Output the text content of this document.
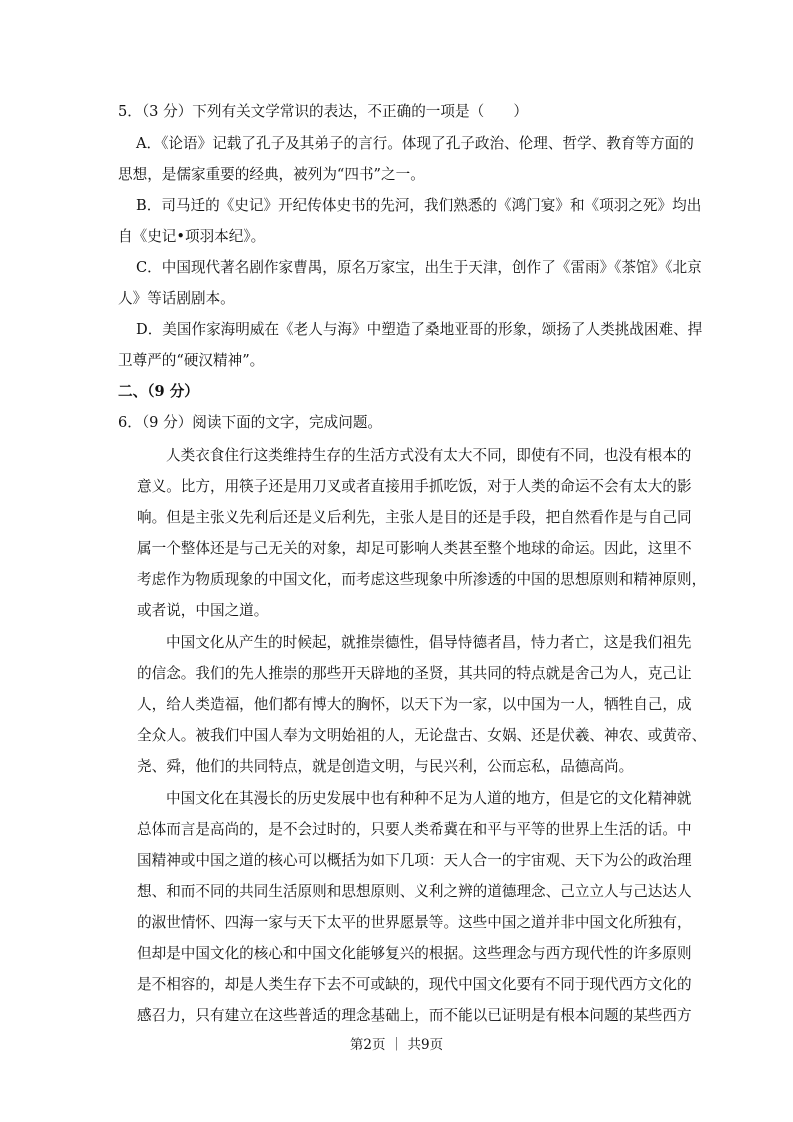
5．（3 分）下列有关文学常识的表达，不正确的一项是（　　）
A．《论语》记载了孔子及其弟子的言行。体现了孔子政治、伦理、哲学、教育等方面的
思想，是儒家重要的经典，被列为“四书”之一。
B．司马迁的《史记》开纪传体史书的先河，我们熟悉的《鸿门宴》和《项羽之死》均出
自《史记•项羽本纪》。
C．中国现代著名剧作家曹禺，原名万家宝，出生于天津，创作了《雷雨》《茶馆》《北京
人》等话剧剧本。
D．美国作家海明威在《老人与海》中塑造了桑地亚哥的形象，颂扬了人类挑战困难、捍
卫尊严的“硬汉精神”。
二、（9 分）
6．（9 分）阅读下面的文字，完成问题。
人类衣食住行这类维持生存的生活方式没有太大不同，即使有不同，也没有根本的
意义。比方，用筷子还是用刀叉或者直接用手抓吃饭，对于人类的命运不会有太大的影
响。但是主张义先利后还是义后利先，主张人是目的还是手段，把自然看作是与自己同
属一个整体还是与己无关的对象，却足可影响人类甚至整个地球的命运。因此，这里不
考虑作为物质现象的中国文化，而考虑这些现象中所渗透的中国的思想原则和精神原则，
或者说，中国之道。
中国文化从产生的时候起，就推崇德性，倡导恃德者昌，恃力者亡，这是我们祖先
的信念。我们的先人推崇的那些开天辟地的圣贤，其共同的特点就是舍己为人，克己让
人，给人类造福，他们都有博大的胸怀，以天下为一家，以中国为一人，牺牲自己，成
全众人。被我们中国人奉为文明始祖的人，无论盘古、女娲、还是伏羲、神农、或黄帝、
尧、舜，他们的共同特点，就是创造文明，与民兴利，公而忘私，品德高尚。
中国文化在其漫长的历史发展中也有种种不足为人道的地方，但是它的文化精神就
总体而言是高尚的，是不会过时的，只要人类希冀在和平与平等的世界上生活的话。中
国精神或中国之道的核心可以概括为如下几项：天人合一的宇宙观、天下为公的政治理
想、和而不同的共同生活原则和思想原则、义利之辨的道德理念、己立立人与己达达人
的淑世情怀、四海一家与天下太平的世界愿景等。这些中国之道并非中国文化所独有，
但却是中国文化的核心和中国文化能够复兴的根据。这些理念与西方现代性的许多原则
是不相容的，却是人类生存下去不可或缺的，现代中国文化要有不同于现代西方文化的
感召力，只有建立在这些普适的理念基础上，而不能以已证明是有根本问题的某些西方
第2页 ｜ 共9页
